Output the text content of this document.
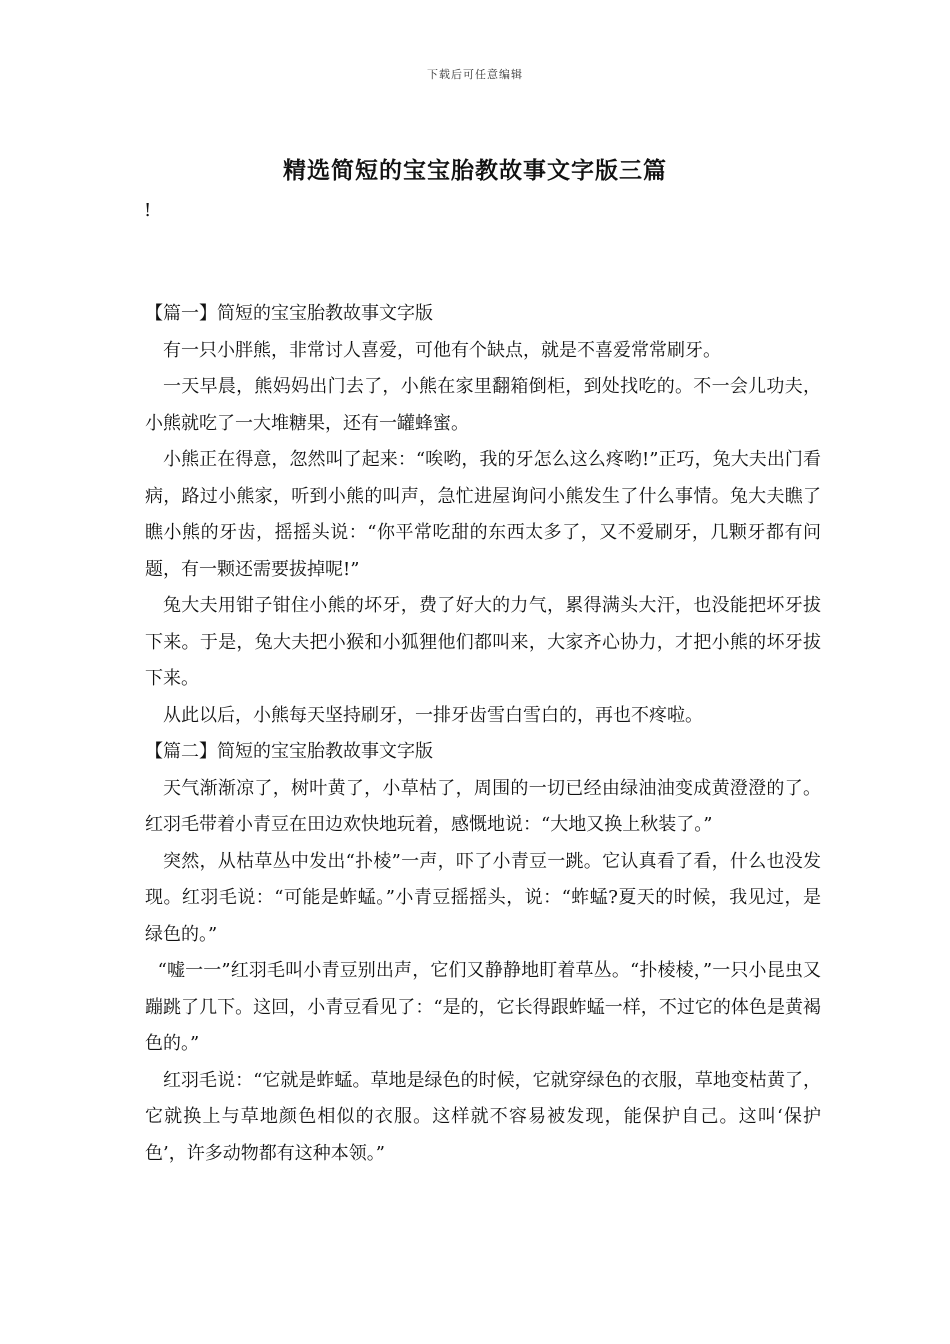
下载后可任意编辑
精选简短的宝宝胎教故事文字版三篇
!

【篇一】简短的宝宝胎教故事文字版

有一只小胖熊，非常讨人喜爱，可他有个缺点，就是不喜爱常常刷牙。

一天早晨，熊妈妈出门去了，小熊在家里翻箱倒柜，到处找吃的。不一会儿功夫，小熊就吃了一大堆糖果，还有一罐蜂蜜。

小熊正在得意，忽然叫了起来：“唉哟，我的牙怎么这么疼哟!”正巧，兔大夫出门看病，路过小熊家，听到小熊的叫声，急忙进屋询问小熊发生了什么事情。兔大夫瞧了瞧小熊的牙齿，摇摇头说：“你平常吃甜的东西太多了，又不爱刷牙，几颗牙都有问题，有一颗还需要拔掉呢!”

兔大夫用钳子钳住小熊的坏牙，费了好大的力气，累得满头大汗，也没能把坏牙拔下来。于是，兔大夫把小猴和小狐狸他们都叫来，大家齐心协力，才把小熊的坏牙拔下来。

从此以后，小熊每天坚持刷牙，一排牙齿雪白雪白的，再也不疼啦。

【篇二】简短的宝宝胎教故事文字版

天气渐渐凉了，树叶黄了，小草枯了，周围的一切已经由绿油油变成黄澄澄的了。红羽毛带着小青豆在田边欢快地玩着，感慨地说：“大地又换上秋装了。”

突然，从枯草丛中发出“扑棱”一声，吓了小青豆一跳。它认真看了看，什么也没发现。红羽毛说：“可能是蚱蜢。”小青豆摇摇头，说：“蚱蜢?夏天的时候，我见过，是绿色的。”

“嘘一一”红羽毛叫小青豆别出声，它们又静静地盯着草丛。“扑棱棱，”一只小昆虫又蹦跳了几下。这回，小青豆看见了：“是的，它长得跟蚱蜢一样，不过它的体色是黄褐色的。”

红羽毛说：“它就是蚱蜢。草地是绿色的时候，它就穿绿色的衣服，草地变枯黄了，它就换上与草地颜色相似的衣服。这样就不容易被发现，能保护自己。这叫‘保护色’，许多动物都有这种本领。”
